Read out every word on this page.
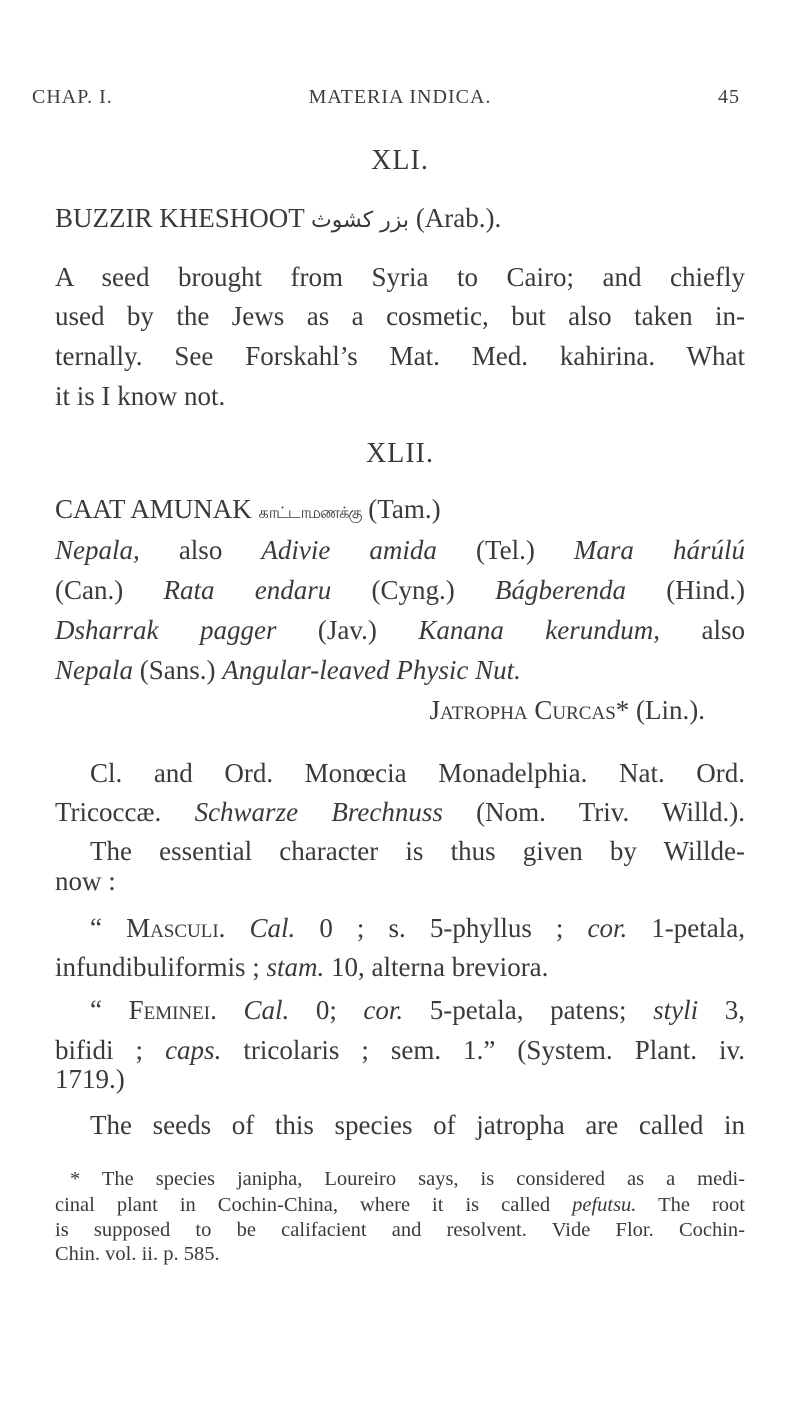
CHAP. I.	MATERIA INDICA.	45
XLI.
BUZZIR KHESHOOT بزر كشوث (Arab.).
A seed brought from Syria to Cairo; and chiefly
used by the Jews as a cosmetic, but also taken in-
ternally. See Forskahl’s Mat. Med. kahirina. What
it is I know not.
XLII.
CAAT AMUNAK காட்டாமணக்கு (Tam.)
Nepala, also Adivie amida (Tel.) Mara hárúlú
(Can.) Rata endaru (Cyng.) Bágberenda (Hind.)
Dsharrak pagger (Jav.) Kanana kerundum, also
Nepala (Sans.) Angular-leaved Physic Nut.
Jatropha Curcas* (Lin.).
Cl. and Ord. Monœcia Monadelphia. Nat. Ord.
Tricoccæ. Schwarze Brechnuss (Nom. Triv. Willd.).
The essential character is thus given by Willde-
now :
“ Masculi. Cal. 0 ; s. 5-phyllus ; cor. 1-petala,
infundibuliformis ; stam. 10, alterna breviora.
“ Feminei. Cal. 0; cor. 5-petala, patens; styli 3,
bifidi ; caps. tricolaris ; sem. 1.” (System. Plant. iv.
1719.)
The seeds of this species of jatropha are called in
* The species janipha, Loureiro says, is considered as a medi-
cinal plant in Cochin-China, where it is called pefutsu. The root
is supposed to be califacient and resolvent. Vide Flor. Cochin-
Chin. vol. ii. p. 585.
